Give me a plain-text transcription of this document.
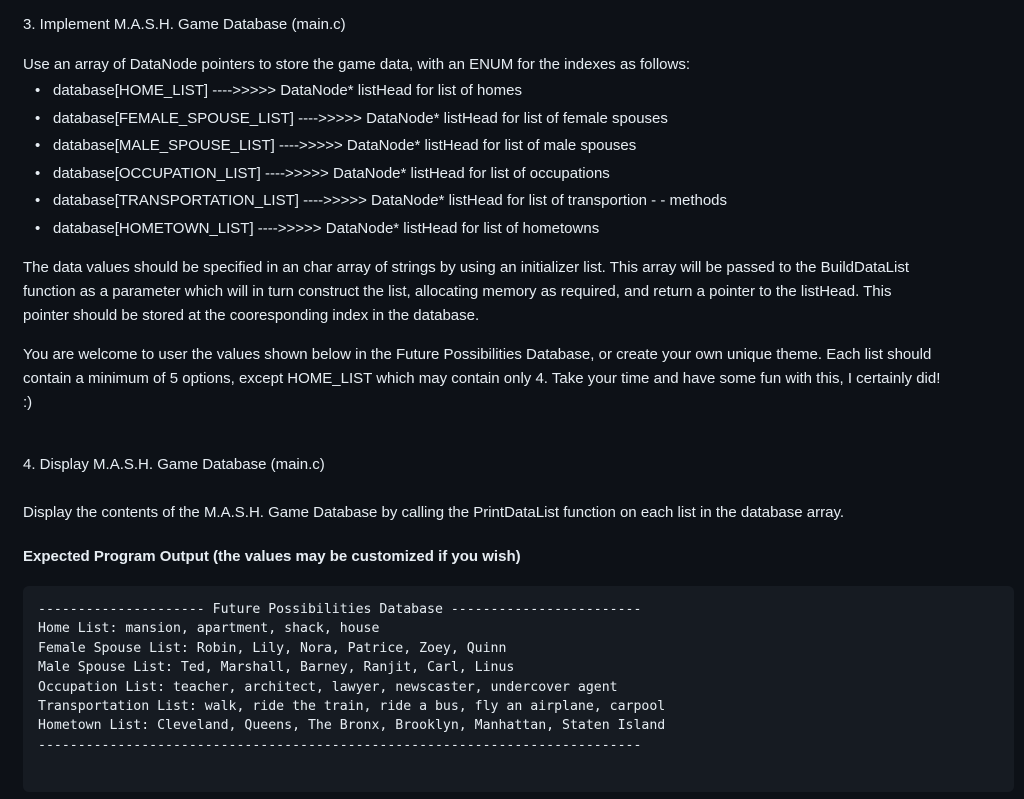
3. Implement M.A.S.H. Game Database (main.c)

Use an array of DataNode pointers to store the game data, with an ENUM for the indexes as follows:

• database[HOME_LIST] ---->>>>> DataNode* listHead for list of homes
• database[FEMALE_SPOUSE_LIST] ---->>>>> DataNode* listHead for list of female spouses
• database[MALE_SPOUSE_LIST] ---->>>>> DataNode* listHead for list of male spouses
• database[OCCUPATION_LIST] ---->>>>> DataNode* listHead for list of occupations
• database[TRANSPORTATION_LIST] ---->>>>> DataNode* listHead for list of transportion - - methods
• database[HOMETOWN_LIST] ---->>>>> DataNode* listHead for list of hometowns
The data values should be specified in an char array of strings by using an initializer list. This array will be passed to the BuildDataList
function as a parameter which will in turn construct the list, allocating memory as required, and return a pointer to the listHead. This
pointer should be stored at the cooresponding index in the database.
You are welcome to user the values shown below in the Future Possibilities Database, or create your own unique theme. Each list should
contain a minimum of 5 options, except HOME_LIST which may contain only 4. Take your time and have some fun with this, I certainly did!
:)
4. Display M.A.S.H. Game Database (main.c)

Display the contents of the M.A.S.H. Game Database by calling the PrintDataList function on each list in the database array.

Expected Program Output (the values may be customized if you wish)

--------------------- Future Possibilities Database ------------------------
Home List: mansion, apartment, shack, house
Female Spouse List: Robin, Lily, Nora, Patrice, Zoey, Quinn
Male Spouse List: Ted, Marshall, Barney, Ranjit, Carl, Linus
Occupation List: teacher, architect, lawyer, newscaster, undercover agent
Transportation List: walk, ride the train, ride a bus, fly an airplane, carpool
Hometown List: Cleveland, Queens, The Bronx, Brooklyn, Manhattan, Staten Island
----------------------------------------------------------------------------
